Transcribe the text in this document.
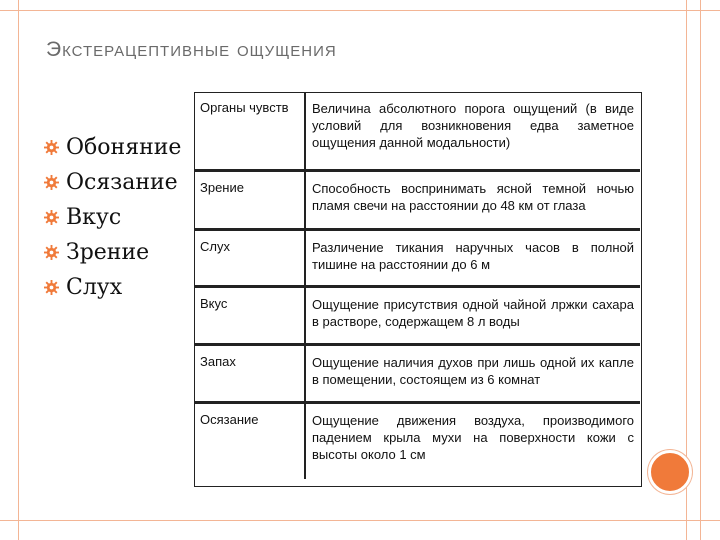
Экстерацептивные ощущения
Обоняние
Осязание
Вкус
Зрение
Слух
Органы чувств	Величина абсолютного порога ощущений (в виде условий для возникновения едва заметное ощущения данной модальности)
Зрение	Способность воспринимать ясной темной ночью пламя свечи на расстоянии до 48 км от глаза
Слух	Различение тикания наручных часов в полной тишине на расстоянии до 6 м
Вкус	Ощущение присутствия одной чайной лржки сахара в растворе, содержащем 8 л воды
Запах	Ощущение наличия духов при лишь одной их капле в помещении, состоящем из 6 комнат
Осязание	Ощущение движения воздуха, производимого падением крыла мухи на поверхности кожи с высоты около 1 см
